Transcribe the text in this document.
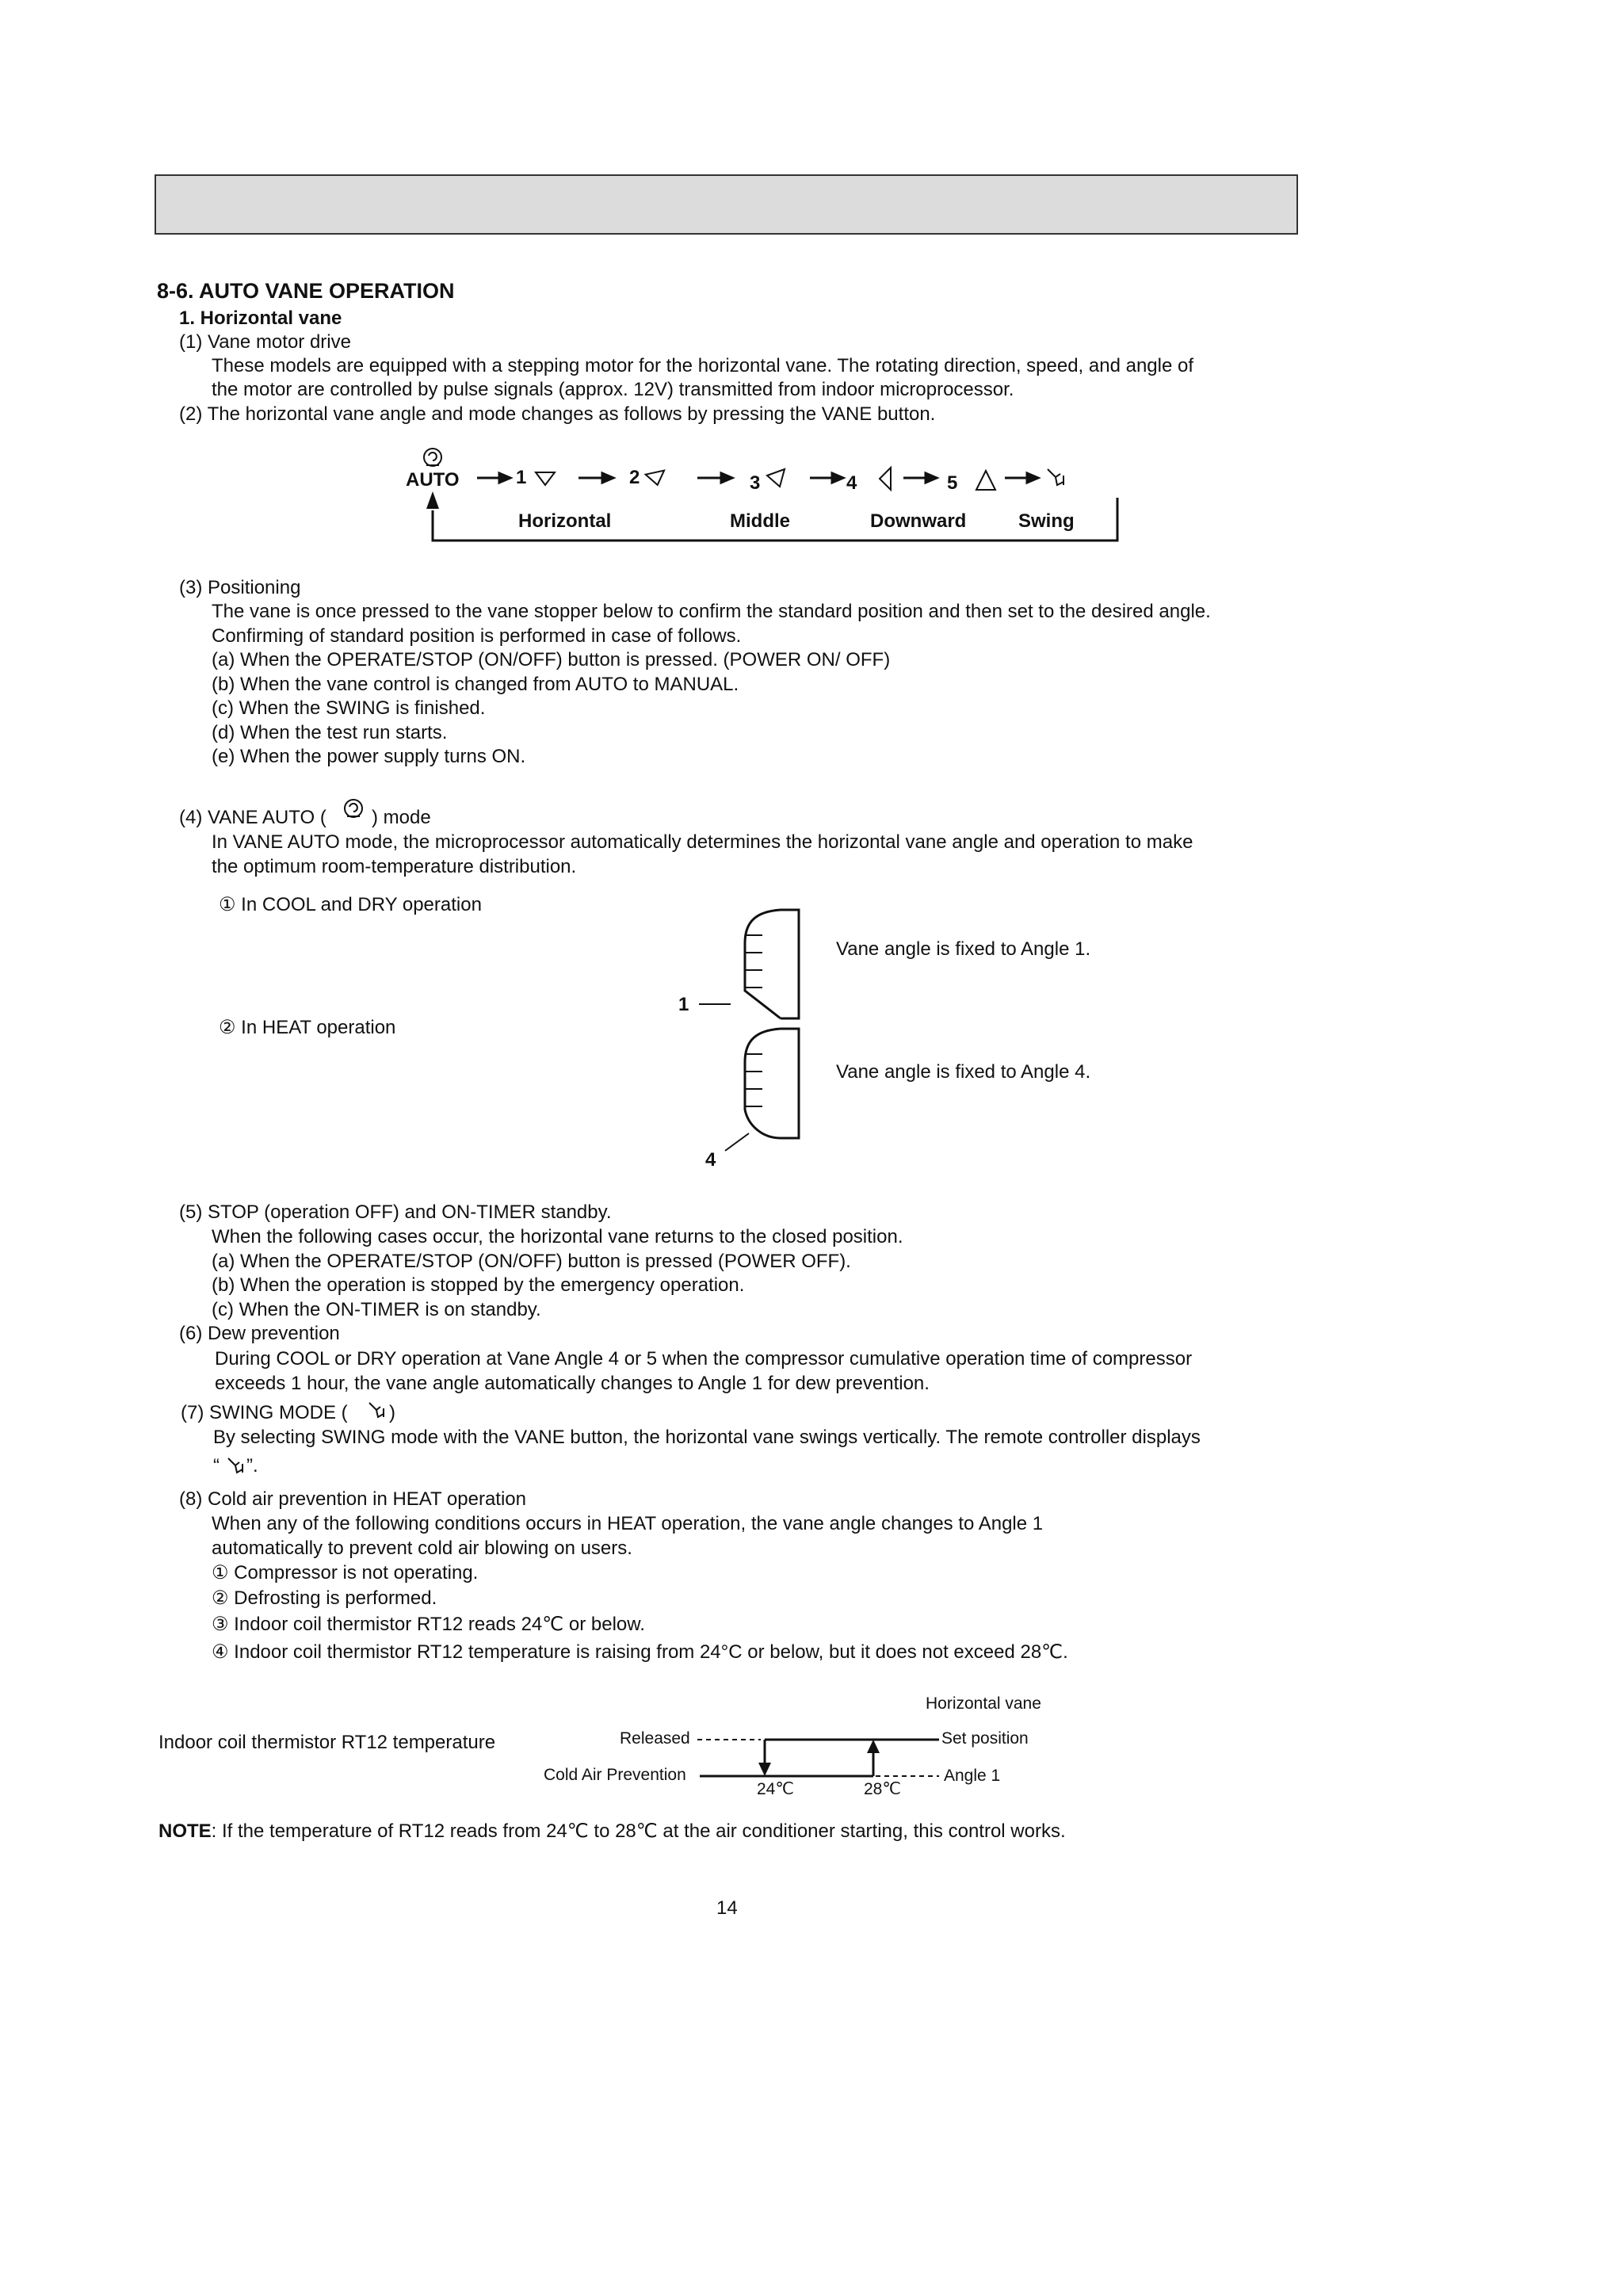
8-6. AUTO VANE OPERATION
1. Horizontal vane
(1) Vane motor drive
These models are equipped with a stepping motor for the horizontal vane. The rotating direction, speed, and angle of
the motor are controlled by pulse signals (approx. 12V) transmitted from indoor microprocessor.
(2) The horizontal vane angle and mode changes as follows by pressing the VANE button.
AUTO	1	2	3	4	5
Horizontal	Middle	Downward	Swing
(3) Positioning
The vane is once pressed to the vane stopper below to confirm the standard position and then set to the desired angle.
Confirming of standard position is performed in case of follows.
(a) When the OPERATE/STOP (ON/OFF) button is pressed. (POWER ON/ OFF)
(b) When the vane control is changed from AUTO to MANUAL.
(c) When the SWING is finished.
(d) When the test run starts.
(e) When the power supply turns ON.
(4) VANE AUTO ( ) mode
In VANE AUTO mode, the microprocessor automatically determines the horizontal vane angle and operation to make
the optimum room-temperature distribution.
① In COOL and DRY operation
② In HEAT operation
Vane angle is fixed to Angle 1.
Vane angle is fixed to Angle 4.
1
4
(5) STOP (operation OFF) and ON-TIMER standby.
When the following cases occur, the horizontal vane returns to the closed position.
(a) When the OPERATE/STOP (ON/OFF) button is pressed (POWER OFF).
(b) When the operation is stopped by the emergency operation.
(c) When the ON-TIMER is on standby.
(6) Dew prevention
During COOL or DRY operation at Vane Angle 4 or 5 when the compressor cumulative operation time of compressor
exceeds 1 hour, the vane angle automatically changes to Angle 1 for dew prevention.
(7) SWING MODE ( )
By selecting SWING mode with the VANE button, the horizontal vane swings vertically. The remote controller displays
“ ”.
(8) Cold air prevention in HEAT operation
When any of the following conditions occurs in HEAT operation, the vane angle changes to Angle 1
automatically to prevent cold air blowing on users.
① Compressor is not operating.
② Defrosting is performed.
③ Indoor coil thermistor RT12 reads 24℃ or below.
④ Indoor coil thermistor RT12 temperature is raising from 24°C or below, but it does not exceed 28℃.
Indoor coil thermistor RT12 temperature
Horizontal vane
Released
Cold Air Prevention
Set position
Angle 1
24℃	28℃
NOTE: If the temperature of RT12 reads from 24℃ to 28℃ at the air conditioner starting, this control works.
14
